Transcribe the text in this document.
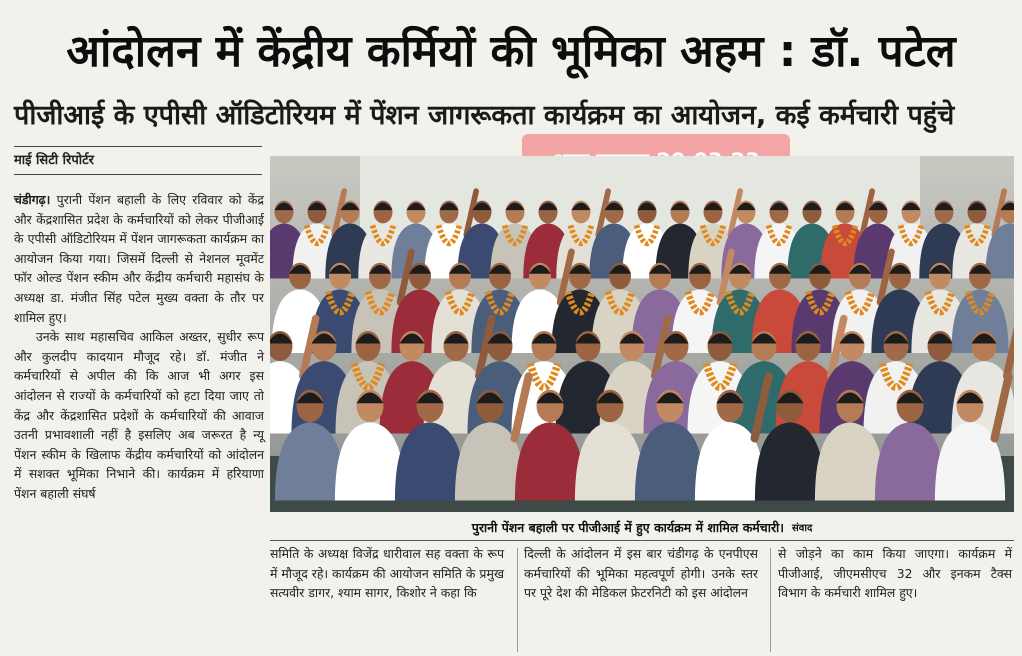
आंदोलन में केंद्रीय कर्मियों की भूमिका अहम : डॉ. पटेल
पीजीआई के एपीसी ऑडिटोरियम में पेंशन जागरूकता कार्यक्रम का आयोजन, कई कर्मचारी पहुंचे
माई सिटी रिपोर्टर

चंडीगढ़। पुरानी पेंशन बहाली के लिए रविवार को केंद्र और केंद्रशासित प्रदेश के कर्मचारियों को लेकर पीजीआई के एपीसी ऑडिटोरियम में पेंशन जागरूकता कार्यक्रम का आयोजन किया गया। जिसमें दिल्ली से नेशनल मूवमेंट फॉर ओल्ड पेंशन स्कीम और केंद्रीय कर्मचारी महासंघ के अध्यक्ष डा. मंजीत सिंह पटेल मुख्य वक्ता के तौर पर शामिल हुए।

उनके साथ महासचिव आकिल अख्तर, सुधीर रूप और कुलदीप कादयान मौजूद रहे। डॉ. मंजीत ने कर्मचारियों से अपील की कि आज भी अगर इस आंदोलन से राज्यों के कर्मचारियों को हटा दिया जाए तो केंद्र और केंद्रशासित प्रदेशों के कर्मचारियों की आवाज उतनी प्रभावशाली नहीं है इसलिए अब जरूरत है न्यू पेंशन स्कीम के खिलाफ केंद्रीय कर्मचारियों को आंदोलन में सशक्त भूमिका निभाने की। कार्यक्रम में हरियाणा पेंशन बहाली संघर्ष

पुरानी पेंशन बहाली पर पीजीआई में हुए कार्यक्रम में शामिल कर्मचारी। संवाद
समिति के अध्यक्ष विजेंद्र धारीवाल सह वक्ता के रूप में मौजूद रहे। कार्यक्रम की आयोजन समिति के प्रमुख सत्यवीर डागर, श्याम सागर, किशोर ने कहा कि
दिल्ली के आंदोलन में इस बार चंडीगढ़ के एनपीएस कर्मचारियों की भूमिका महत्वपूर्ण होगी। उनके स्तर पर पूरे देश की मेडिकल फ्रेटरनिटी को इस आंदोलन
से जोड़ने का काम किया जाएगा। कार्यक्रम में पीजीआई, जीएमसीएच 32 और इनकम टैक्स विभाग के कर्मचारी शामिल हुए।
